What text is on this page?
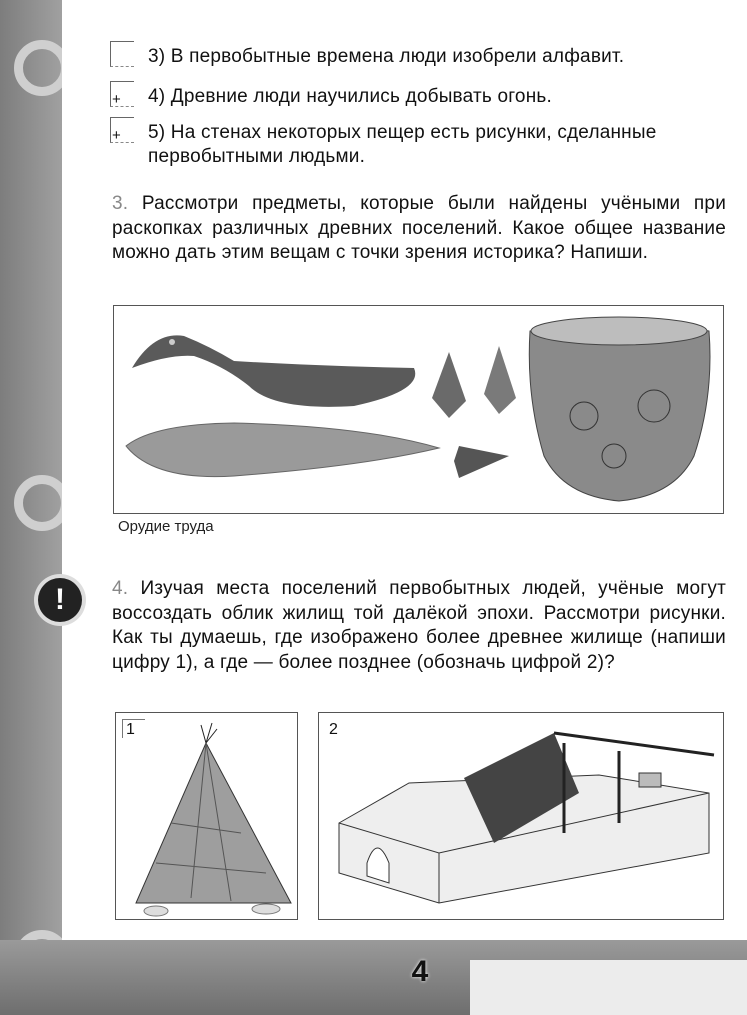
3) В первобытные времена люди изобрели алфавит.
+ 4) Древние люди научились добывать огонь.
+ 5) На стенах некоторых пещер есть рисунки, сделанные первобытными людьми.
3. Рассмотри предметы, которые были найдены учёными при раскопках различных древних поселений. Какое общее название можно дать этим вещам с точки зрения историка? Напиши.
Орудие труда
!	4. Изучая места поселений первобытных людей, учёные могут воссоздать облик жилищ той далёкой эпохи. Рассмотри рисунки. Как ты думаешь, где изображено более древнее жилище (напиши цифру 1), а где — более позднее (обозначь цифрой 2)?
1	2
4
